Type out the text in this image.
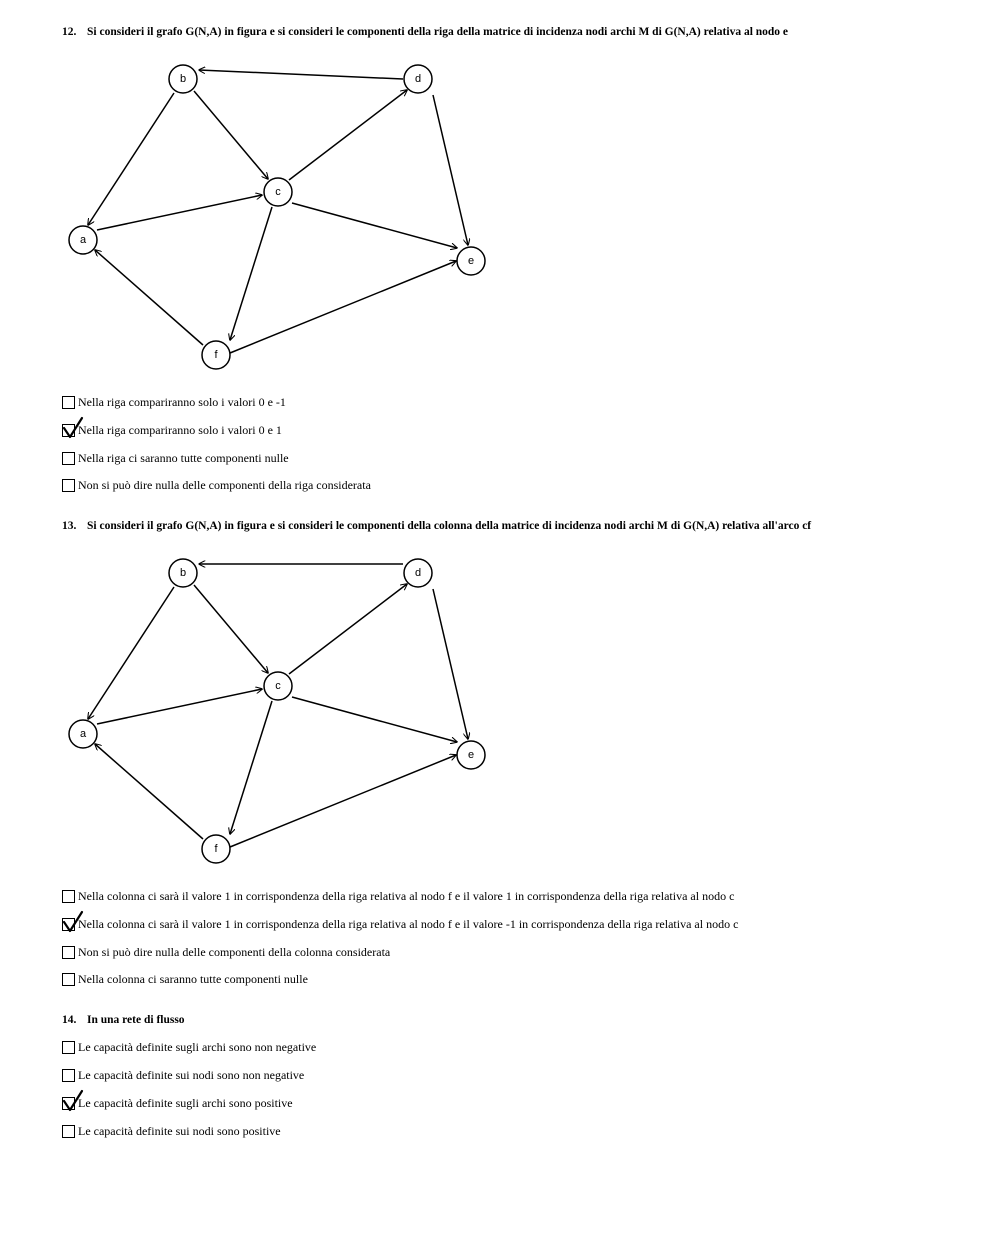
12. Si consideri il grafo G(N,A) in figura e si consideri le componenti della riga della matrice di incidenza nodi archi M di G(N,A) relativa al nodo e
a
b
c
d
e
f
Nella riga compariranno solo i valori 0 e -1
Nella riga compariranno solo i valori 0 e 1
Nella riga ci saranno tutte componenti nulle
Non si può dire nulla delle componenti della riga considerata
13. Si consideri il grafo G(N,A) in figura e si consideri le componenti della colonna della matrice di incidenza nodi archi M di G(N,A) relativa all'arco cf
a
b
c
d
e
f
Nella colonna ci sarà il valore 1 in corrispondenza della riga relativa al nodo f e il valore 1 in corrispondenza della riga relativa al nodo c
Nella colonna ci sarà il valore 1 in corrispondenza della riga relativa al nodo f e il valore -1 in corrispondenza della riga relativa al nodo c
Non si può dire nulla delle componenti della colonna considerata
Nella colonna ci saranno tutte componenti nulle
14. In una rete di flusso
Le capacità definite sugli archi sono non negative
Le capacità definite sui nodi sono non negative
Le capacità definite sugli archi sono positive
Le capacità definite sui nodi sono positive
